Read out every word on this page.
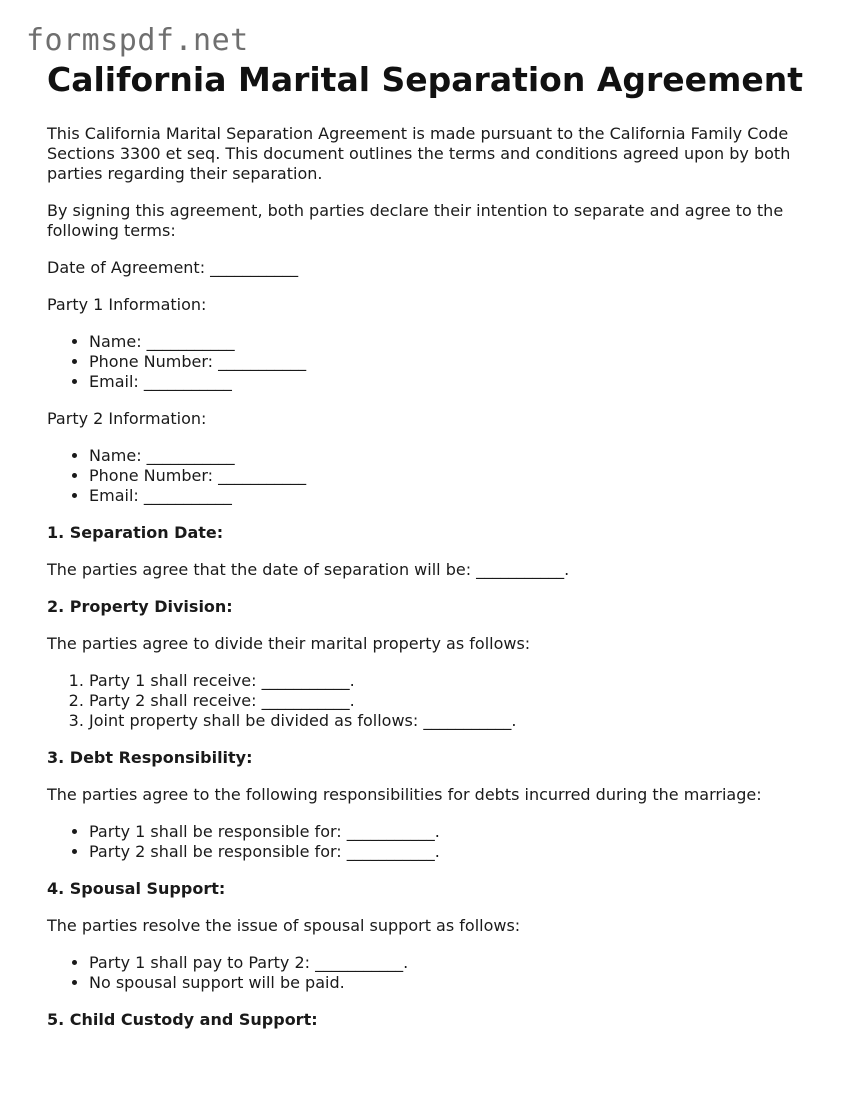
formspdf.net
California Marital Separation Agreement

This California Marital Separation Agreement is made pursuant to the California Family Code Sections 3300 et seq. This document outlines the terms and conditions agreed upon by both parties regarding their separation.

By signing this agreement, both parties declare their intention to separate and agree to the following terms:

Date of Agreement: ___________

Party 1 Information:

• Name: ___________
• Phone Number: ___________
• Email: ___________

Party 2 Information:

• Name: ___________
• Phone Number: ___________
• Email: ___________

1. Separation Date:

The parties agree that the date of separation will be: ___________.

2. Property Division:

The parties agree to divide their marital property as follows:

1. Party 1 shall receive: ___________.
2. Party 2 shall receive: ___________.
3. Joint property shall be divided as follows: ___________.

3. Debt Responsibility:

The parties agree to the following responsibilities for debts incurred during the marriage:

• Party 1 shall be responsible for: ___________.
• Party 2 shall be responsible for: ___________.

4. Spousal Support:

The parties resolve the issue of spousal support as follows:

• Party 1 shall pay to Party 2: ___________.
• No spousal support will be paid.

5. Child Custody and Support:
